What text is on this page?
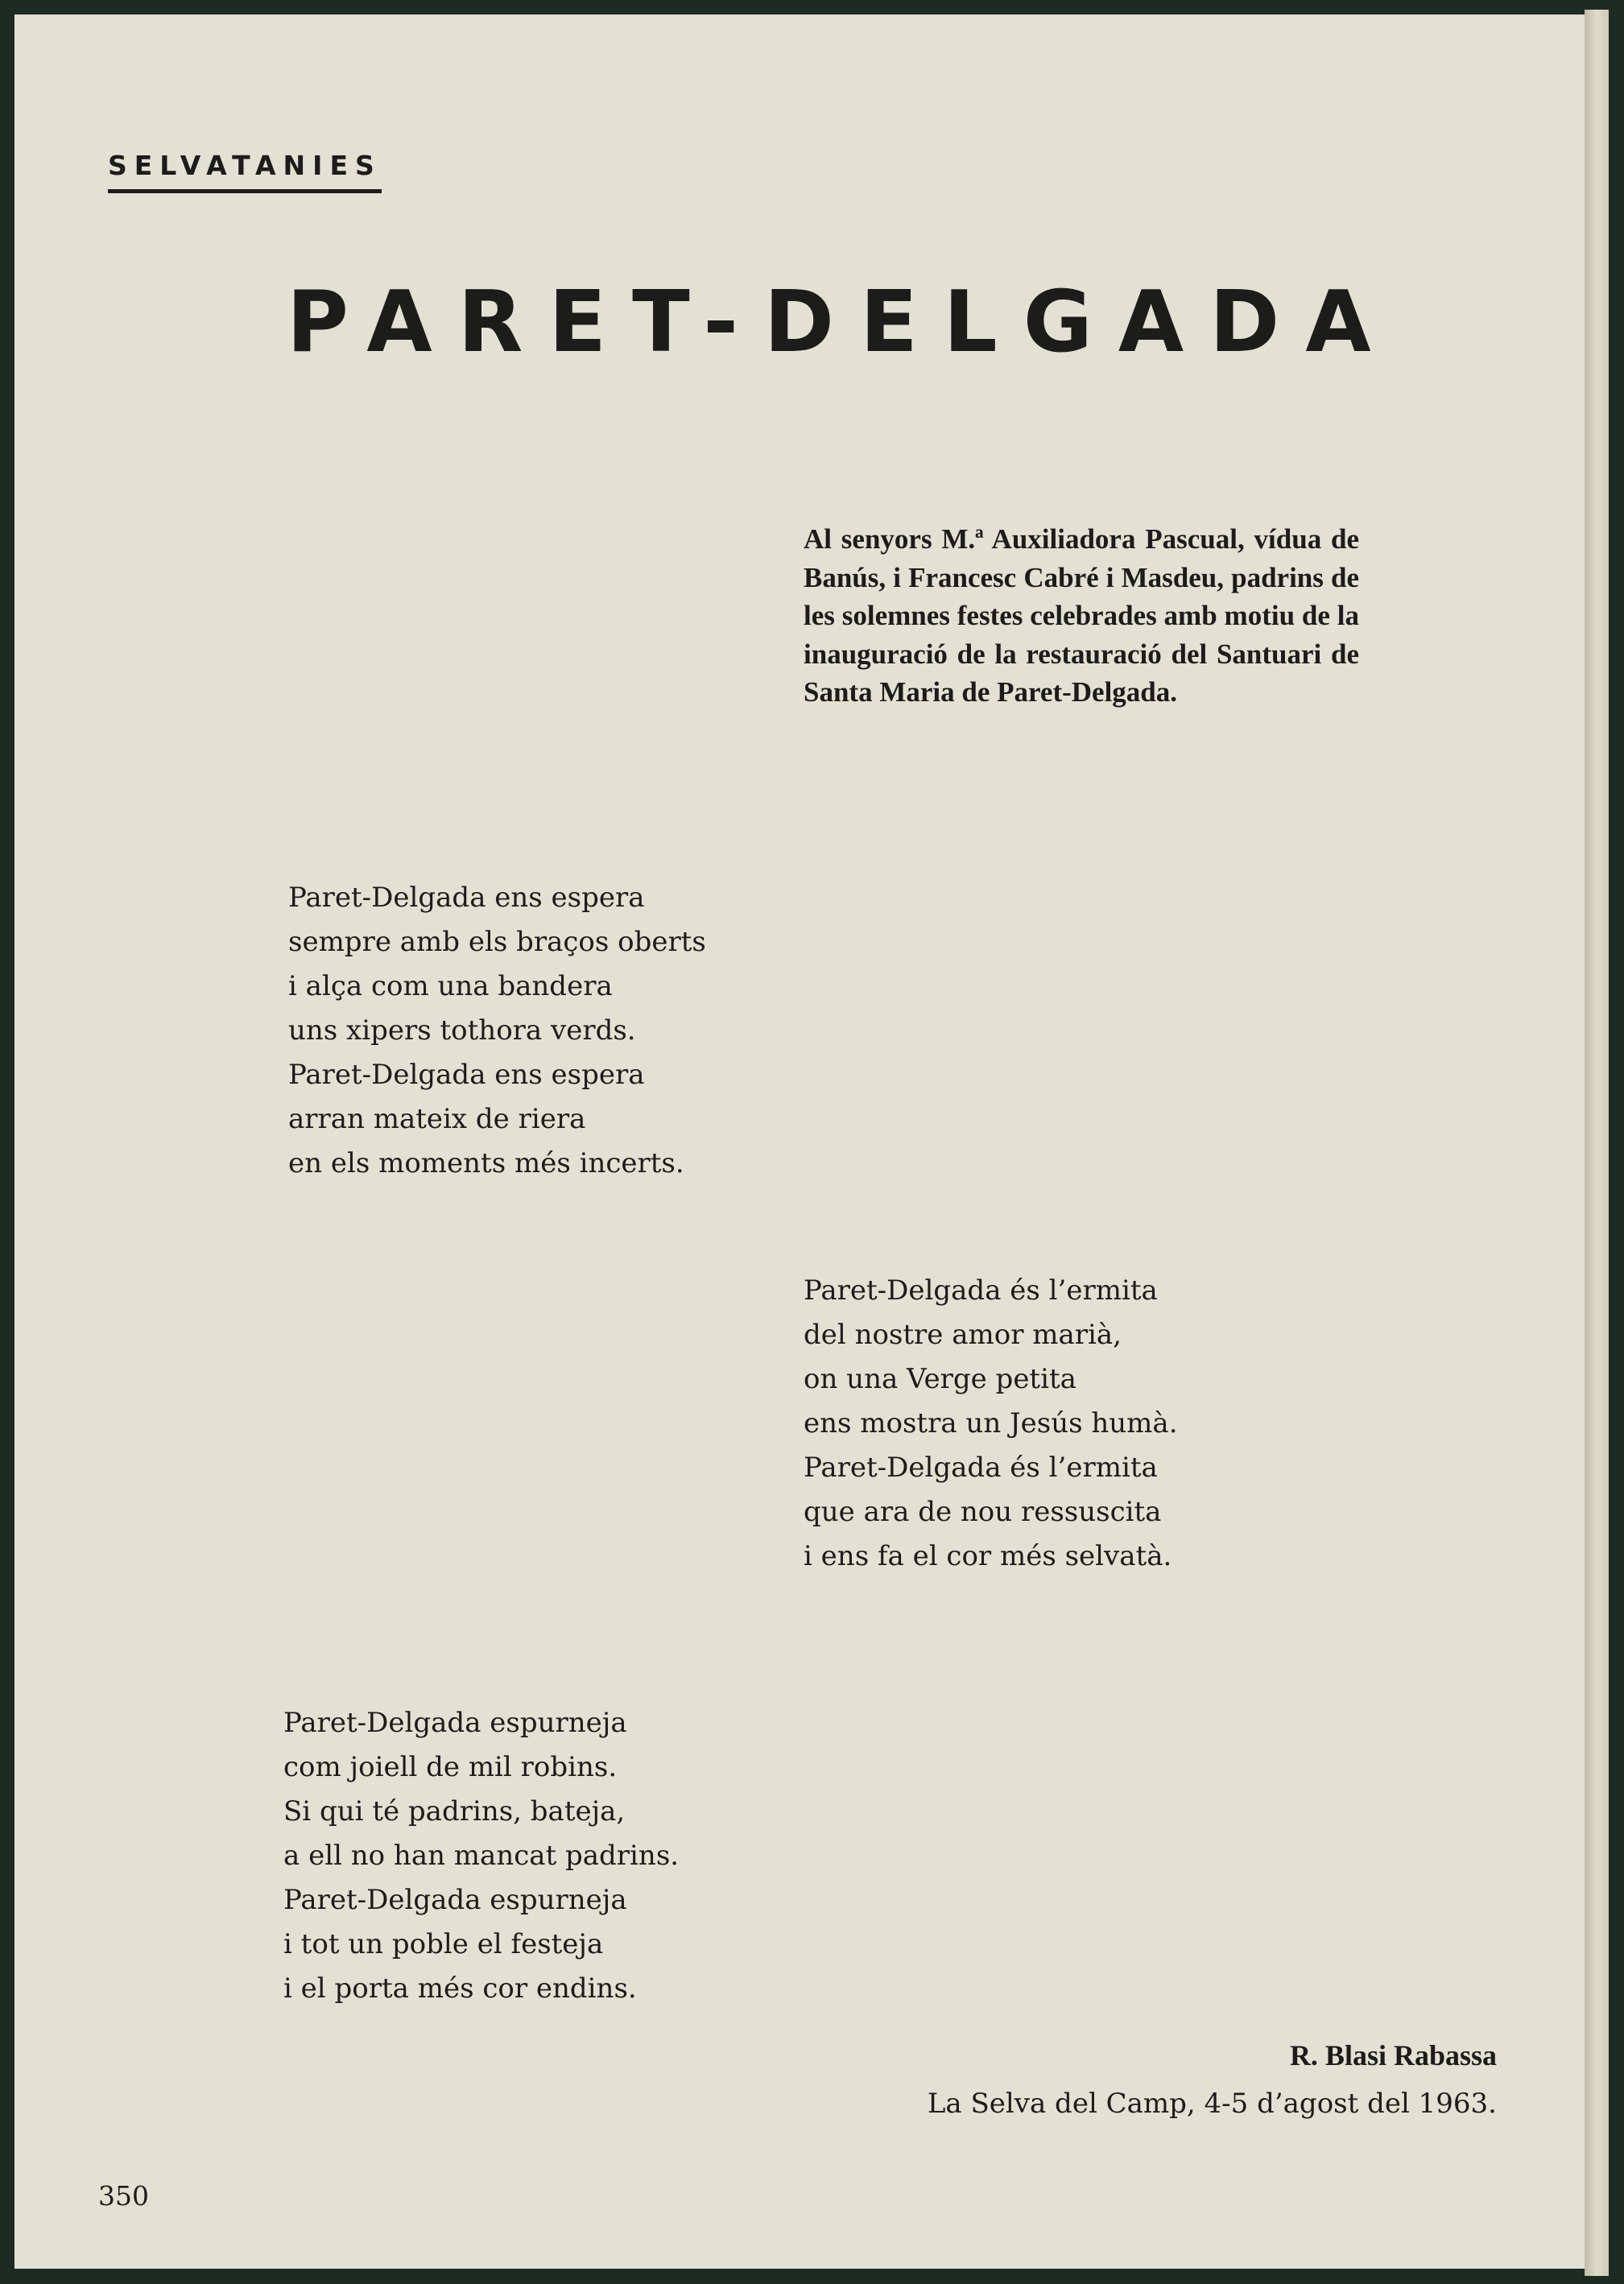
SELVATANIES
PARET-DELGADA
Al senyors M.ª Auxiliadora Pascual, vídua de Banús, i Francesc Cabré i Masdeu, padrins de les solemnes festes celebrades amb motiu de la inauguració de la restauració del Santuari de Santa Maria de Paret-Delgada.
Paret-Delgada ens espera
sempre amb els braços oberts
i alça com una bandera
uns xipers tothora verds.
Paret-Delgada ens espera
arran mateix de riera
en els moments més incerts.
Paret-Delgada és l’ermita
del nostre amor marià,
on una Verge petita
ens mostra un Jesús humà.
Paret-Delgada és l’ermita
que ara de nou ressuscita
i ens fa el cor més selvatà.
Paret-Delgada espurneja
com joiell de mil robins.
Si qui té padrins, bateja,
a ell no han mancat padrins.
Paret-Delgada espurneja
i tot un poble el festeja
i el porta més cor endins.
R. Blasi Rabassa
La Selva del Camp, 4-5 d’agost del 1963.
350
